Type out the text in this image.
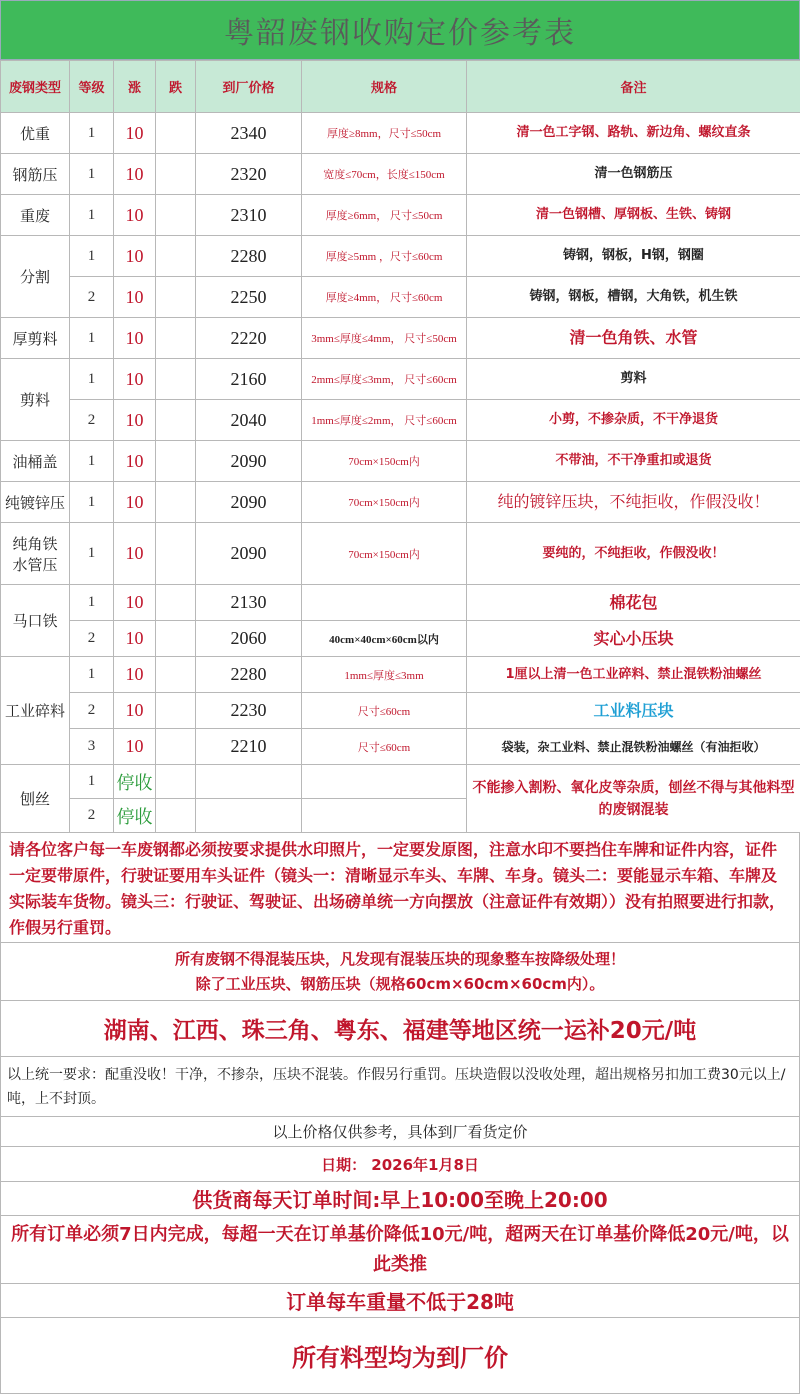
粤韶废钢收购定价参考表
废钢类型	等级	涨	跌	到厂价格	规格	备注
优重	1	10		2340	厚度≥8mm，尺寸≤50cm	清一色工字钢、路轨、新边角、螺纹直条
钢筋压	1	10		2320	宽度≤70cm，长度≤150cm	清一色钢筋压
重废	1	10		2310	厚度≥6mm， 尺寸≤50cm	清一色钢槽、厚钢板、生铁、铸钢
分割	1	10		2280	厚度≥5mm ，尺寸≤60cm	铸钢，钢板，H钢，钢圈
	2	10		2250	厚度≥4mm， 尺寸≤60cm	铸钢，钢板，槽钢，大角铁，机生铁
厚剪料	1	10		2220	3mm≤厚度≤4mm， 尺寸≤50cm	清一色角铁、水管
剪料	1	10		2160	2mm≤厚度≤3mm， 尺寸≤60cm	剪料
	2	10		2040	1mm≤厚度≤2mm， 尺寸≤60cm	小剪，不掺杂质，不干净退货
油桶盖	1	10		2090	70cm×150cm内	不带油，不干净重扣或退货
纯镀锌压	1	10		2090	70cm×150cm内	纯的镀锌压块，不纯拒收，作假没收！

纯角铁
水管压	1	10		2090	70cm×150cm内	要纯的，不纯拒收，作假没收！
马口铁	1	10		2130		棉花包
	2	10		2060	40cm×40cm×60cm以内	实心小压块
工业碎料	1	10		2280	1mm≤厚度≤3mm	1厘以上清一色工业碎料、禁止混铁粉油螺丝
	2	10		2230	尺寸≤60cm	工业料压块
	3	10		2210	尺寸≤60cm	袋装，杂工业料、禁止混铁粉油螺丝（有油拒收）
刨丝	1	停收				不能掺入割粉、氧化皮等杂质，刨丝不得与其他料型的废钢混装
	2	停收				
请各位客户每一车废钢都必须按要求提供水印照片，一定要发原图，注意水印不要挡住车牌和证件内容，证件一定要带原件，行驶证要用车头证件（镜头一：清晰显示车头、车牌、车身。镜头二：要能显示车箱、车牌及实际装车货物。镜头三：行驶证、驾驶证、出场磅单统一方向摆放（注意证件有效期））没有拍照要进行扣款，作假另行重罚。
所有废钢不得混装压块，凡发现有混装压块的现象整车按降级处理！
除了工业压块、钢筋压块（规格60cm×60cm×60cm内）。
湖南、江西、珠三角、粤东、福建等地区统一运补20元/吨
以上统一要求：配重没收！干净，不掺杂，压块不混装。作假另行重罚。压块造假以没收处理，超出规格另扣加工费30元以上/吨，上不封顶。
以上价格仅供参考，具体到厂看货定价
日期： 2026年1月8日
供货商每天订单时间:早上10:00至晚上20:00
所有订单必须7日内完成，每超一天在订单基价降低10元/吨，超两天在订单基价降低20元/吨，以此类推
订单每车重量不低于28吨
所有料型均为到厂价
